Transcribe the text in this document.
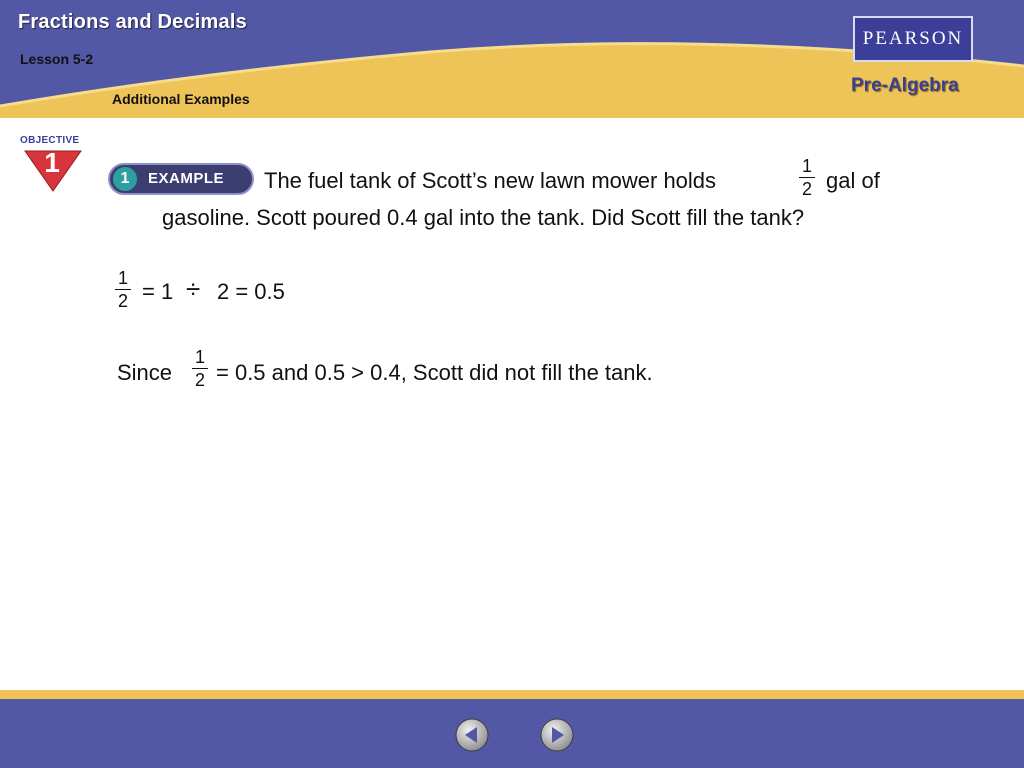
Fractions and Decimals
Lesson 5-2
Additional Examples
PEARSON
Pre-Algebra
OBJECTIVE
1
1	EXAMPLE The fuel tank of Scott’s new lawn mower holds
1
2 gal of
gasoline. Scott poured 0.4 gal into the tank. Did Scott fill the tank?
1
2 = 1 ÷ 2 = 0.5
Since
1
2 = 0.5 and 0.5 > 0.4, Scott did not fill the tank.
